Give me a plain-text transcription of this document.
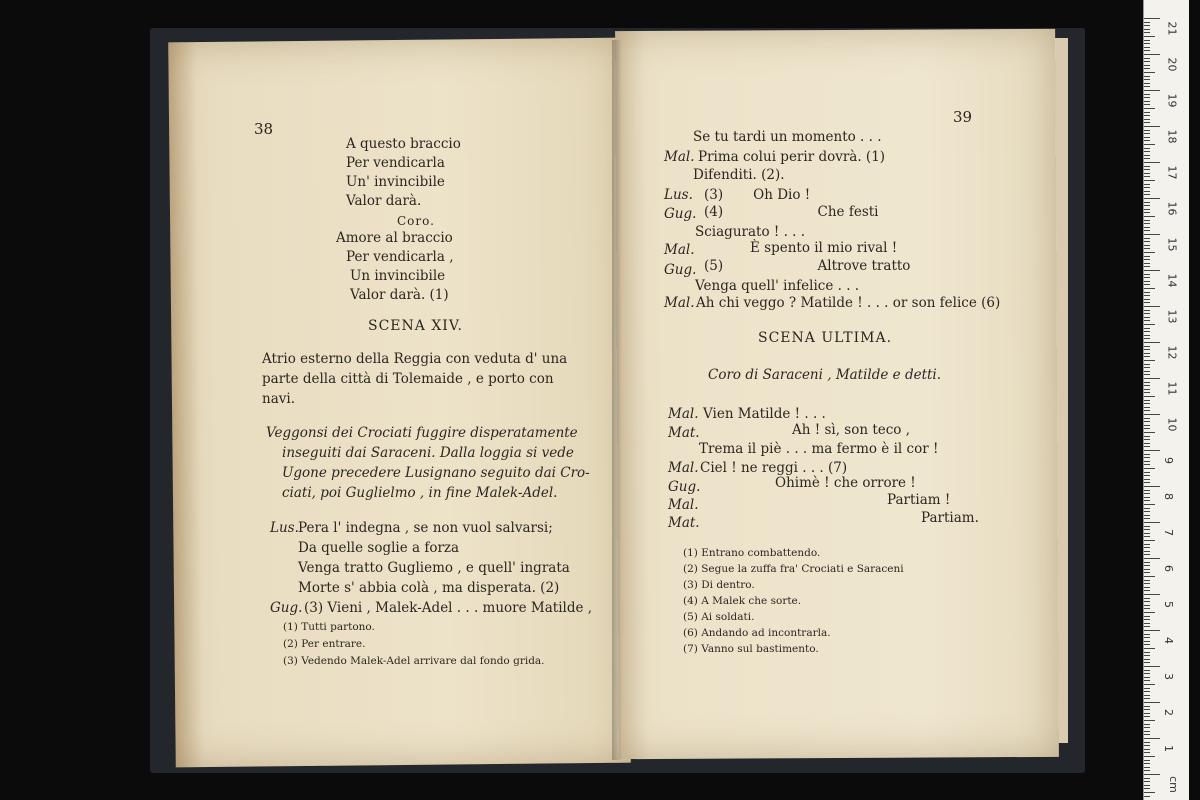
38
A questo braccio
Per vendicarla
Un' invincibile
Valor darà.
Coro.
Amore al braccio
Per vendicarla ,
Un invincibile
Valor darà. (1)
SCENA XIV.
Atrio esterno della Reggia con veduta d' una
parte della città di Tolemaide , e porto con
navi.
Veggonsi dei Crociati fuggire disperatamente
inseguiti dai Saraceni. Dalla loggia si vede
Ugone precedere Lusignano seguito dai Cro-
ciati, poi Guglielmo , in fine Malek-Adel.
Lus. Pera l' indegna , se non vuol salvarsi;
Da quelle soglie a forza
Venga tratto Gugliemo , e quell' ingrata
Morte s' abbia colà , ma disperata. (2)
Gug. (3) Vieni , Malek-Adel . . . muore Matilde ,
(1) Tutti partono.
(2) Per entrare.
(3) Vedendo Malek-Adel arrivare dal fondo grida.
39
Se tu tardi un momento . . .
Mal. Prima colui perir dovrà. (1)
Difenditi. (2).
Lus. (3)       Oh Dio !
Gug. (4)                      Che festi
Sciagurato ! . . .
Mal.	È spento il mio rival !
Gug. (5)                      Altrove tratto
Venga quell' infelice . . .
Mal. Ah chi veggo ? Matilde ! . . . or son felice (6)
SCENA ULTIMA.
Coro di Saraceni , Matilde e detti.
Mal. Vien Matilde ! . . .
Mat.	Ah ! sì, son teco ,
Trema il piè . . . ma fermo è il cor !
Mal. Ciel ! ne reggi . . . (7)
Gug.	Ohimè ! che orrore !
Mal.	Partiam !
Mat.	Partiam.
(1) Entrano combattendo.
(2) Segue la zuffa fra' Crociati e Saraceni
(3) Di dentro.
(4) A Malek che sorte.
(5) Ai soldati.
(6) Andando ad incontrarla.
(7) Vanno sul bastimento.
21
20
19
18
17
16
15
14
13
12
11
10
9
8
7
6
5
4
3
2
1
cm
